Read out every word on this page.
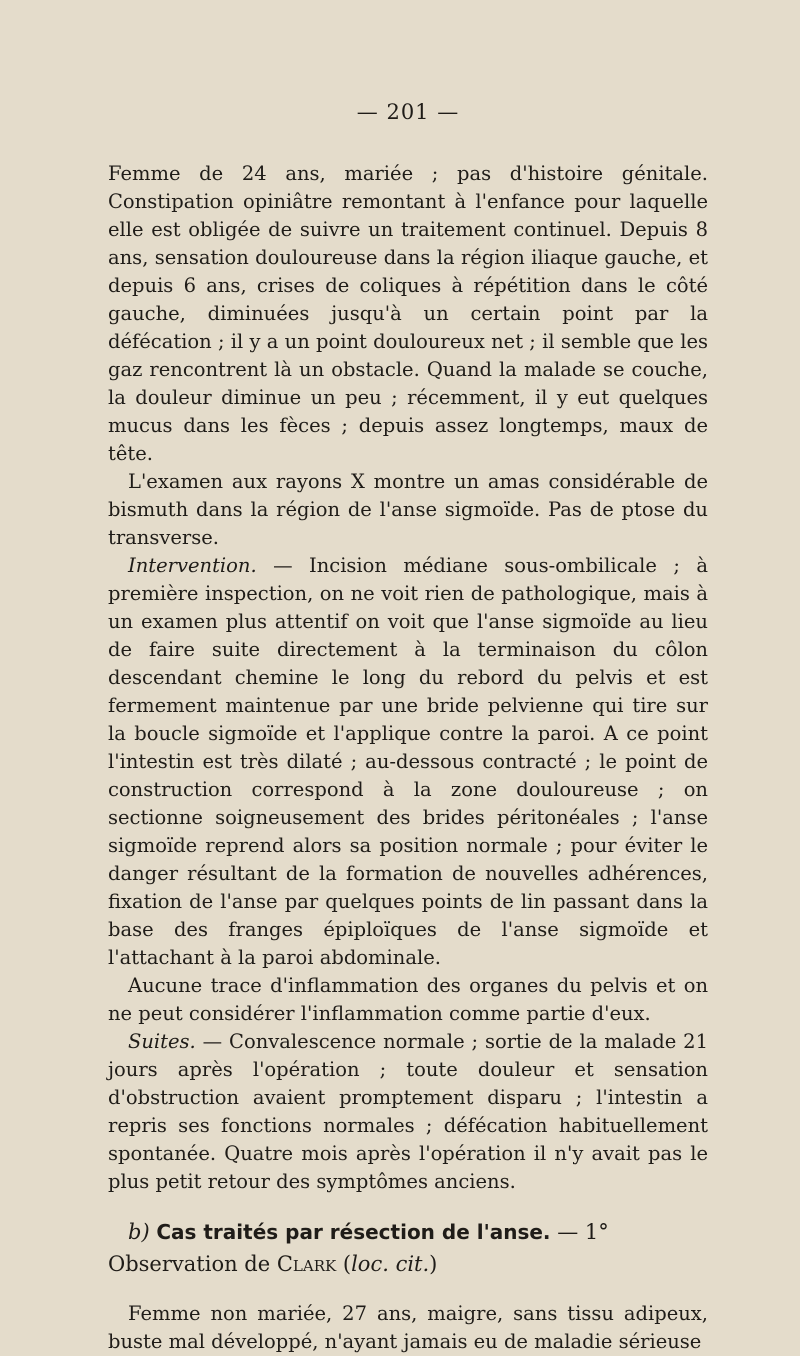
— 201 —

Femme de 24 ans, mariée ; pas d'histoire génitale. Constipation opiniâtre remontant à l'enfance pour laquelle elle est obligée de suivre un traitement continuel. Depuis 8 ans, sensation douloureuse dans la région iliaque gauche, et depuis 6 ans, crises de coliques à répétition dans le côté gauche, diminuées jusqu'à un certain point par la défécation ; il y a un point douloureux net ; il semble que les gaz rencontrent là un obstacle. Quand la malade se couche, la douleur diminue un peu ; récemment, il y eut quelques mucus dans les fèces ; depuis assez longtemps, maux de tête.

L'examen aux rayons X montre un amas considérable de bismuth dans la région de l'anse sigmoïde. Pas de ptose du transverse.

Intervention. — Incision médiane sous-ombilicale ; à première inspection, on ne voit rien de pathologique, mais à un examen plus attentif on voit que l'anse sigmoïde au lieu de faire suite directement à la terminaison du côlon descendant chemine le long du rebord du pelvis et est fermement maintenue par une bride pelvienne qui tire sur la boucle sigmoïde et l'applique contre la paroi. A ce point l'intestin est très dilaté ; au-dessous contracté ; le point de construction correspond à la zone douloureuse ; on sectionne soigneusement des brides péritonéales ; l'anse sigmoïde reprend alors sa position normale ; pour éviter le danger résultant de la formation de nouvelles adhérences, fixation de l'anse par quelques points de lin passant dans la base des franges épiploïques de l'anse sigmoïde et l'attachant à la paroi abdominale.

Aucune trace d'inflammation des organes du pelvis et on ne peut considérer l'inflammation comme partie d'eux.

Suites. — Convalescence normale ; sortie de la malade 21 jours après l'opération ; toute douleur et sensation d'obstruction avaient promptement disparu ; l'intestin a repris ses fonctions normales ; défécation habituellement spontanée. Quatre mois après l'opération il n'y avait pas le plus petit retour des symptômes anciens.

b) Cas traités par résection de l'anse. — 1° Observation de Clark (loc. cit.)

Femme non mariée, 27 ans, maigre, sans tissu adipeux, buste mal développé, n'ayant jamais eu de maladie sérieuse
